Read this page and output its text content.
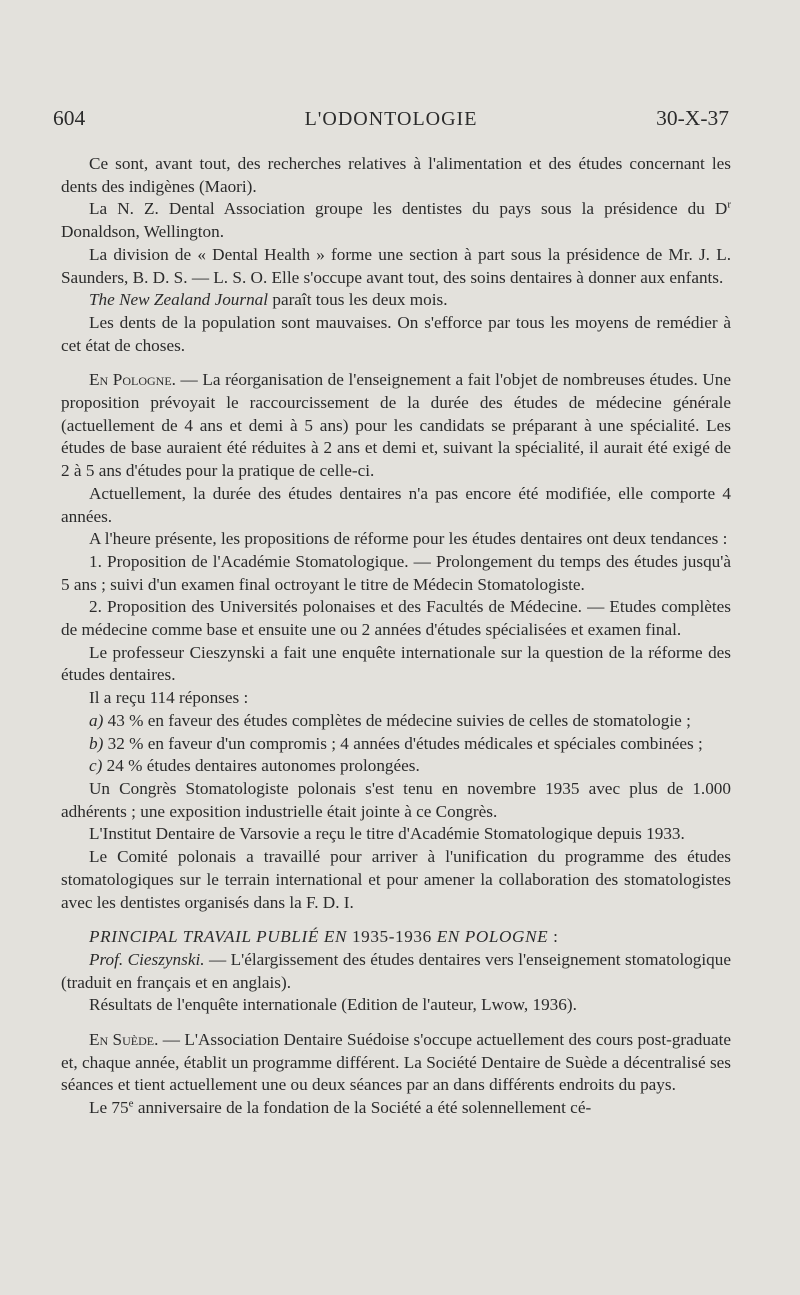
604	L'ODONTOLOGIE	30-X-37

Ce sont, avant tout, des recherches relatives à l'alimentation et des études concernant les dents des indigènes (Maori).

La N. Z. Dental Association groupe les dentistes du pays sous la présidence du $D^r$ Donaldson, Wellington.

La division de « Dental Health » forme une section à part sous la présidence de Mr. J. L. Saunders, B. D. S. — L. S. O. Elle s'occupe avant tout, des soins dentaires à donner aux enfants.

The New Zealand Journal paraît tous les deux mois.

Les dents de la population sont mauvaises. On s'efforce par tous les moyens de remédier à cet état de choses.

En Pologne. — La réorganisation de l'enseignement a fait l'objet de nombreuses études. Une proposition prévoyait le raccourcissement de la durée des études de médecine générale (actuellement de 4 ans et demi à 5 ans) pour les candidats se préparant à une spécialité. Les études de base auraient été réduites à 2 ans et demi et, suivant la spécialité, il aurait été exigé de 2 à 5 ans d'études pour la pratique de celle-ci.

Actuellement, la durée des études dentaires n'a pas encore été modifiée, elle comporte 4 années.

A l'heure présente, les propositions de réforme pour les études dentaires ont deux tendances :

1. Proposition de l'Académie Stomatologique. — Prolongement du temps des études jusqu'à 5 ans ; suivi d'un examen final octroyant le titre de Médecin Stomatologiste.

2. Proposition des Universités polonaises et des Facultés de Médecine. — Etudes complètes de médecine comme base et ensuite une ou 2 années d'études spécialisées et examen final.

Le professeur Cieszynski a fait une enquête internationale sur la question de la réforme des études dentaires.

Il a reçu 114 réponses :

a) 43 % en faveur des études complètes de médecine suivies de celles de stomatologie ;

b) 32 % en faveur d'un compromis ; 4 années d'études médicales et spéciales combinées ;

c) 24 % études dentaires autonomes prolongées.

Un Congrès Stomatologiste polonais s'est tenu en novembre 1935 avec plus de 1.000 adhérents ; une exposition industrielle était jointe à ce Congrès.

L'Institut Dentaire de Varsovie a reçu le titre d'Académie Stomatologique depuis 1933.

Le Comité polonais a travaillé pour arriver à l'unification du programme des études stomatologiques sur le terrain international et pour amener la collaboration des stomatologistes avec les dentistes organisés dans la F. D. I.

PRINCIPAL TRAVAIL PUBLIÉ EN 1935-1936 EN POLOGNE :

Prof. Cieszynski. — L'élargissement des études dentaires vers l'enseignement stomatologique (traduit en français et en anglais).

Résultats de l'enquête internationale (Edition de l'auteur, Lwow, 1936).

En Suède. — L'Association Dentaire Suédoise s'occupe actuellement des cours post-graduate et, chaque année, établit un programme différent. La Société Dentaire de Suède a décentralisé ses séances et tient actuellement une ou deux séances par an dans différents endroits du pays.

Le 75e anniversaire de la fondation de la Société a été solennellement cé-
